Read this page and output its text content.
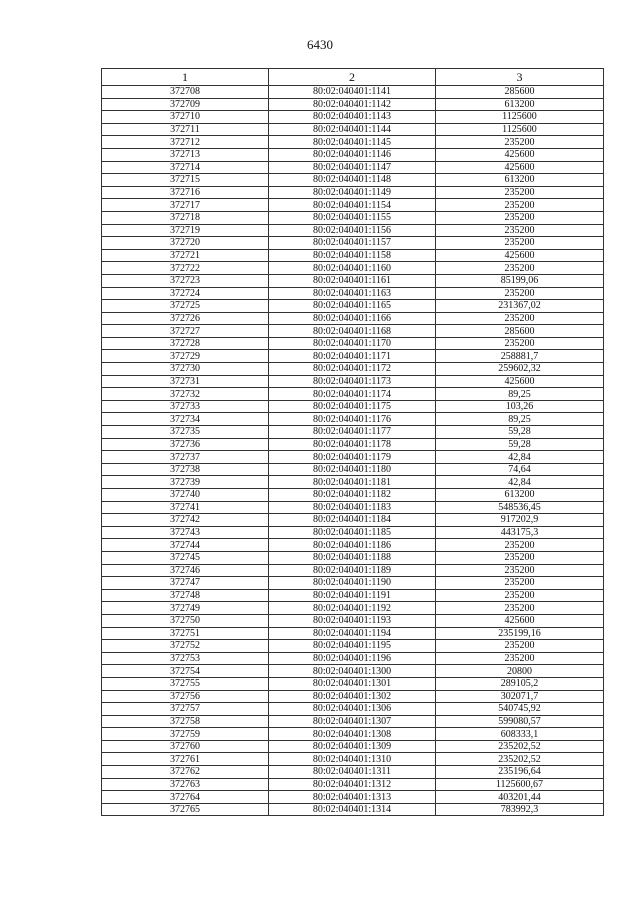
6430
1	2	3
372708	80:02:040401:1141	285600
372709	80:02:040401:1142	613200
372710	80:02:040401:1143	1125600
372711	80:02:040401:1144	1125600
372712	80:02:040401:1145	235200
372713	80:02:040401:1146	425600
372714	80:02:040401:1147	425600
372715	80:02:040401:1148	613200
372716	80:02:040401:1149	235200
372717	80:02:040401:1154	235200
372718	80:02:040401:1155	235200
372719	80:02:040401:1156	235200
372720	80:02:040401:1157	235200
372721	80:02:040401:1158	425600
372722	80:02:040401:1160	235200
372723	80:02:040401:1161	85199,06
372724	80:02:040401:1163	235200
372725	80:02:040401:1165	231367,02
372726	80:02:040401:1166	235200
372727	80:02:040401:1168	285600
372728	80:02:040401:1170	235200
372729	80:02:040401:1171	258881,7
372730	80:02:040401:1172	259602,32
372731	80:02:040401:1173	425600
372732	80:02:040401:1174	89,25
372733	80:02:040401:1175	103,26
372734	80:02:040401:1176	89,25
372735	80:02:040401:1177	59,28
372736	80:02:040401:1178	59,28
372737	80:02:040401:1179	42,84
372738	80:02:040401:1180	74,64
372739	80:02:040401:1181	42,84
372740	80:02:040401:1182	613200
372741	80:02:040401:1183	548536,45
372742	80:02:040401:1184	917202,9
372743	80:02:040401:1185	443175,3
372744	80:02:040401:1186	235200
372745	80:02:040401:1188	235200
372746	80:02:040401:1189	235200
372747	80:02:040401:1190	235200
372748	80:02:040401:1191	235200
372749	80:02:040401:1192	235200
372750	80:02:040401:1193	425600
372751	80:02:040401:1194	235199,16
372752	80:02:040401:1195	235200
372753	80:02:040401:1196	235200
372754	80:02:040401:1300	20800
372755	80:02:040401:1301	289105,2
372756	80:02:040401:1302	302071,7
372757	80:02:040401:1306	540745,92
372758	80:02:040401:1307	599080,57
372759	80:02:040401:1308	608333,1
372760	80:02:040401:1309	235202,52
372761	80:02:040401:1310	235202,52
372762	80:02:040401:1311	235196,64
372763	80:02:040401:1312	1125600,67
372764	80:02:040401:1313	403201,44
372765	80:02:040401:1314	783992,3
